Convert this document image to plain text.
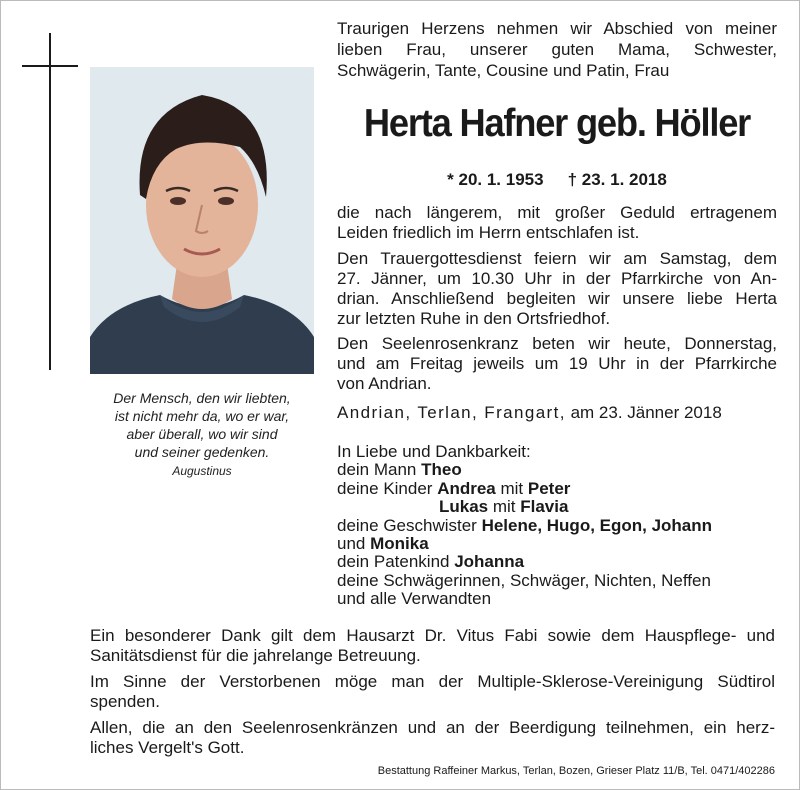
Der Mensch, den wir liebten,
ist nicht mehr da, wo er war,
aber überall, wo wir sind
und seiner gedenken.
Augustinus
Traurigen Herzens nehmen wir Abschied von meiner
lieben Frau, unserer guten Mama, Schwester,
Schwägerin, Tante, Cousine und Patin, Frau
Herta Hafner geb. Höller
* 20. 1. 1953 † 23. 1. 2018
die nach längerem, mit großer Geduld ertragenem
Leiden friedlich im Herrn entschlafen ist.
Den Trauergottesdienst feiern wir am Samstag, dem
27. Jänner, um 10.30 Uhr in der Pfarrkirche von An-
drian. Anschließend begleiten wir unsere liebe Herta
zur letzten Ruhe in den Ortsfriedhof.
Den Seelenrosenkranz beten wir heute, Donnerstag,
und am Freitag jeweils um 19 Uhr in der Pfarrkirche
von Andrian.
Andrian, Terlan, Frangart, am 23. Jänner 2018
In Liebe und Dankbarkeit:
dein Mann Theo
deine Kinder Andrea mit Peter
Lukas mit Flavia
deine Geschwister Helene, Hugo, Egon, Johann
und Monika
dein Patenkind Johanna
deine Schwägerinnen, Schwäger, Nichten, Neffen
und alle Verwandten
Ein besonderer Dank gilt dem Hausarzt Dr. Vitus Fabi sowie dem Hauspflege- und
Sanitätsdienst für die jahrelange Betreuung.
Im Sinne der Verstorbenen möge man der Multiple-Sklerose-Vereinigung Südtirol
spenden.
Allen, die an den Seelenrosenkränzen und an der Beerdigung teilnehmen, ein herz-
liches Vergelt's Gott.
Bestattung Raffeiner Markus, Terlan, Bozen, Grieser Platz 11/B, Tel. 0471/402286
